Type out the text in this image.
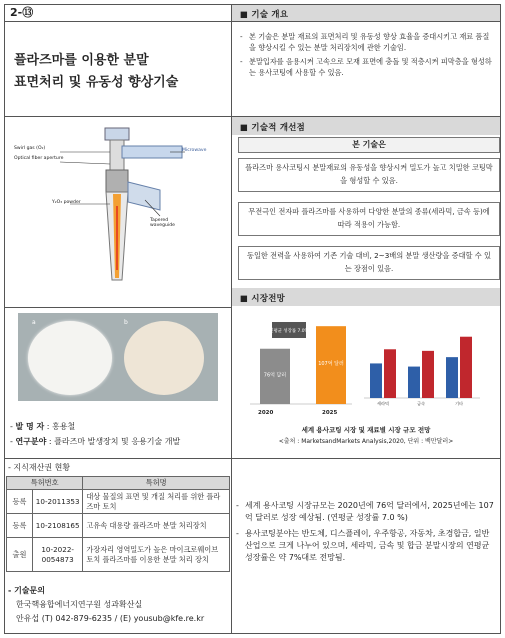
2-⑬	■ 기술 개요
플라즈마를 이용한 분말
표면처리 및 유동성 향상기술
- 본 기술은 분말 재료의 표면처리 및 유동성 향상 효율을 증대시키고 재료 품질을 향상시킬 수 있는 분말 처리장치에 관한 기술임.
- 분말입자를 음용시켜 고속으로 모재 표면에 충돌 및 적층시켜 피막층을 형성하는 용사코팅에 사용할 수 있음.
Swirl gas (O₂)
Optical fiber aperture
Microwave
Tapered waveguide
Y₂O₃ powder
■ 기술적 개선점
본 기술은
플라즈마 용사코팅시 분말재료의 유동성을 향상시켜 밀도가 높고 치밀한 코팅막을 형성할 수 있음.
무전극인 전자파 플라즈마를 사용하여 다양한 분말의 종류(세라믹, 금속 등)에 따라 적용이 가능함.
동일한 전력을 사용하여 기존 기술 대비, 2~3배의 분말 생산량을 증대할 수 있는 장점이 있음.
■ 시장전망
a	b
- 발 명 자 : 홍용철
- 연구분야 : 플라즈마 발생장치 및 응용기술 개발
76억 달러
107억 달러
연평균 성장률 7.0%
세라믹	금속	기타
2020	2025
세계 용사코팅 시장 및 재료별 시장 규모 전망
<출처 : MarketsandMarkets Analysis,2020, 단위 : 백만달러>
- 지식재산권 현황
특허번호		특허명
등록	10-2011353	대상 물질의 표면 및 개질 처리를 위한 플라즈마 토치
등록	10-2108165	고유속 대용량 플라즈마 분말 처리장치
출원	10-2022-0054873	가장자리 영역밀도가 높은 마이크로웨이브 토치 플라즈마를 이용한 분말 처리 장치
- 기술문의
한국핵융합에너지연구원 성과확산실
안유섭 (T) 042-879-6235 / (E) yousub@kfe.re.kr
- 세계 용사코팅 시장규모는 2020년에 76억 달러에서, 2025년에는 107억 달러로 성장 예상됨. (연평균 성장률 7.0 %)
- 용사코팅분야는 반도체, 디스플레이, 우주항공, 자동차, 초경합금, 일반산업으로 크게 나누어 있으며, 세라믹, 금속 및 합금 분말시장의 연평균 성장률은 약 7%대로 전망됨.
